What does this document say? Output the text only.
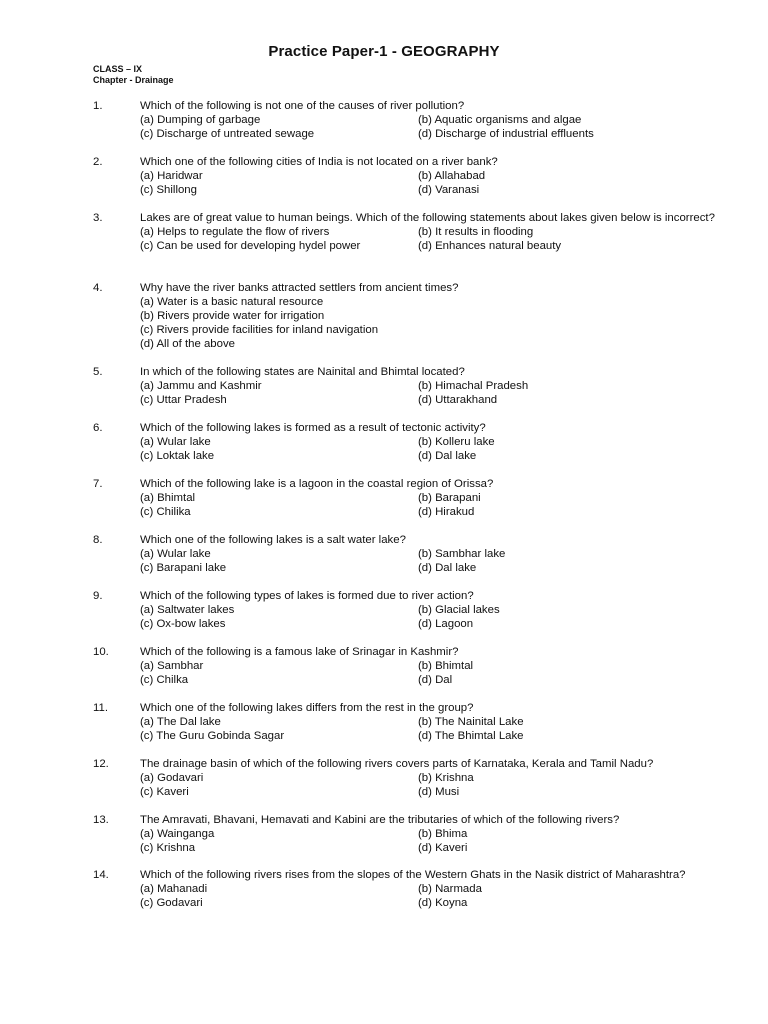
Practice Paper-1 - GEOGRAPHY
CLASS – IX
Chapter - Drainage
1.	Which of the following is not one of the causes of river pollution?
(a) Dumping of garbage	(b) Aquatic organisms and algae
(c) Discharge of untreated sewage	(d) Discharge of industrial effluents
2.	Which one of the following cities of India is not located on a river bank?
(a) Haridwar	(b) Allahabad
(c) Shillong	(d) Varanasi
3.	Lakes are of great value to human beings. Which of the following statements about lakes given below is incorrect?
(a) Helps to regulate the flow of rivers	(b) It results in flooding
(c) Can be used for developing hydel power	(d) Enhances natural beauty
4.	Why have the river banks attracted settlers from ancient times?
(a) Water is a basic natural resource
(b) Rivers provide water for irrigation
(c) Rivers provide facilities for inland navigation
(d) All of the above
5.	In which of the following states are Nainital and Bhimtal located?
(a) Jammu and Kashmir	(b) Himachal Pradesh
(c) Uttar Pradesh	(d) Uttarakhand
6.	Which of the following lakes is formed as a result of tectonic activity?
(a) Wular lake	(b) Kolleru lake
(c) Loktak lake	(d) Dal lake
7.	Which of the following lake is a lagoon in the coastal region of Orissa?
(a) Bhimtal	(b) Barapani
(c) Chilika	(d) Hirakud
8.	Which one of the following lakes is a salt water lake?
(a) Wular lake	(b) Sambhar lake
(c) Barapani lake	(d) Dal lake
9.	Which of the following types of lakes is formed due to river action?
(a) Saltwater lakes	(b) Glacial lakes
(c) Ox-bow lakes	(d) Lagoon
10.	Which of the following is a famous lake of Srinagar in Kashmir?
(a) Sambhar	(b) Bhimtal
(c) Chilka	(d) Dal
11.	Which one of the following lakes differs from the rest in the group?
(a) The Dal lake	(b) The Nainital Lake
(c) The Guru Gobinda Sagar	(d) The Bhimtal Lake
12.	The drainage basin of which of the following rivers covers parts of Karnataka, Kerala and Tamil Nadu?
(a) Godavari	(b) Krishna
(c) Kaveri	(d) Musi
13.	The Amravati, Bhavani, Hemavati and Kabini are the tributaries of which of the following rivers?
(a) Wainganga	(b) Bhima
(c) Krishna	(d) Kaveri
14.	Which of the following rivers rises from the slopes of the Western Ghats in the Nasik district of Maharashtra?
(a) Mahanadi	(b) Narmada
(c) Godavari	(d) Koyna
